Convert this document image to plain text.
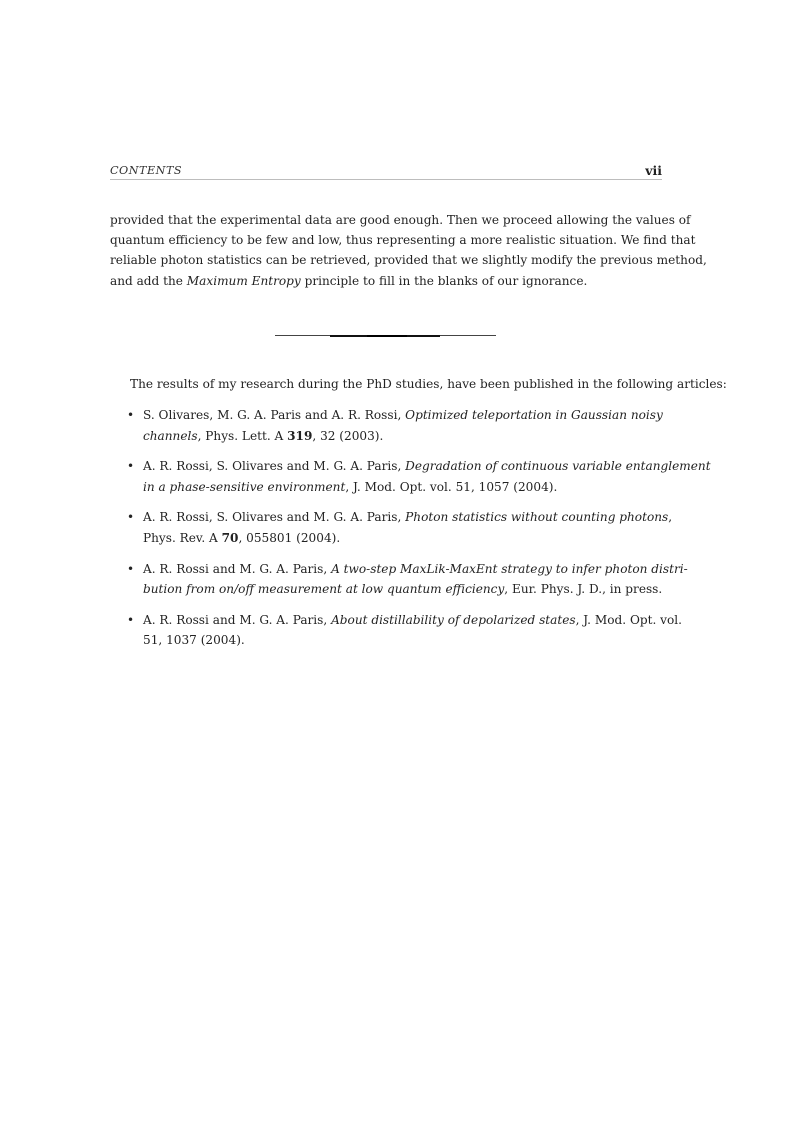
CONTENTS	vii
provided that the experimental data are good enough. Then we proceed allowing the values of
quantum efficiency to be few and low, thus representing a more realistic situation. We find that
reliable photon statistics can be retrieved, provided that we slightly modify the previous method,
and add the Maximum Entropy principle to fill in the blanks of our ignorance.
The results of my research during the PhD studies, have been published in the following articles:
• S. Olivares, M. G. A. Paris and A. R. Rossi, Optimized teleportation in Gaussian noisy
channels, Phys. Lett. A 319, 32 (2003).
• A. R. Rossi, S. Olivares and M. G. A. Paris, Degradation of continuous variable entanglement
in a phase-sensitive environment, J. Mod. Opt. vol. 51, 1057 (2004).
• A. R. Rossi, S. Olivares and M. G. A. Paris, Photon statistics without counting photons,
Phys. Rev. A 70, 055801 (2004).
• A. R. Rossi and M. G. A. Paris, A two-step MaxLik-MaxEnt strategy to infer photon distri-
bution from on/off measurement at low quantum efficiency, Eur. Phys. J. D., in press.
• A. R. Rossi and M. G. A. Paris, About distillability of depolarized states, J. Mod. Opt. vol.
51, 1037 (2004).
